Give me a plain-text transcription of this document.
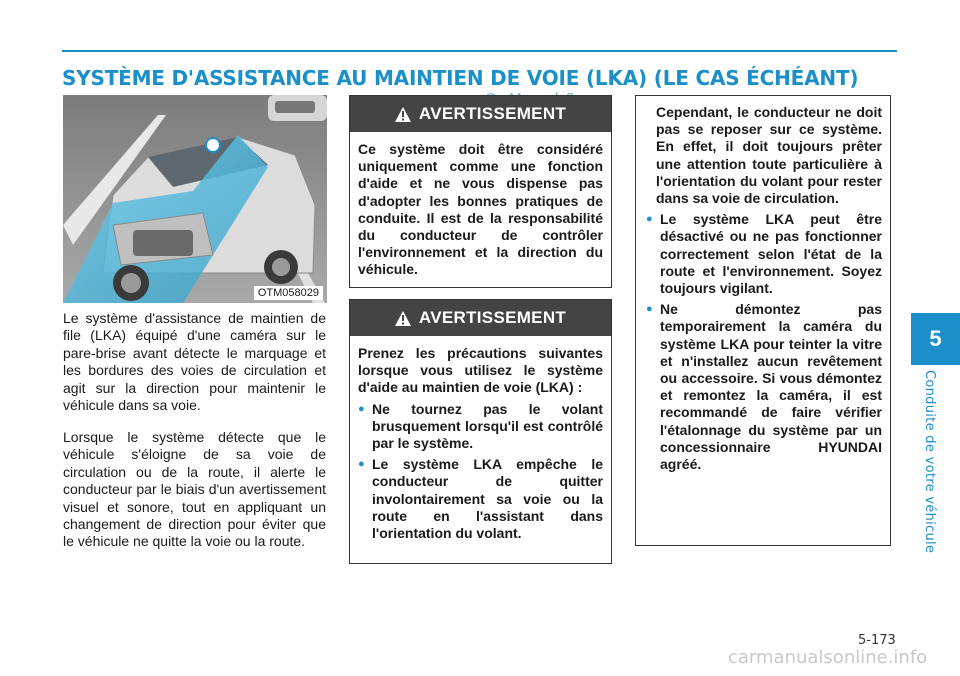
SYSTÈME D'ASSISTANCE AU MAINTIEN DE VOIE (LKA) (LE CAS ÉCHÉANT)
OTM058029

Le système d'assistance de maintien de file (LKA) équipé d'une caméra sur le pare-brise avant détecte le marquage et les bordures des voies de circulation et agit sur la direction pour maintenir le véhicule dans sa voie.

Lorsque le système détecte que le véhicule s'éloigne de sa voie de circulation ou de la route, il alerte le conducteur par le biais d'un avertissement visuel et sonore, tout en appliquant un changement de direction pour éviter que le véhicule ne quitte la voie ou la route.

AVERTISSEMENT

Ce système doit être considéré uniquement comme une fonction d'aide et ne vous dispense pas d'adopter les bonnes pratiques de conduite. Il est de la responsabilité du conducteur de contrôler l'environnement et la direction du véhicule.

AVERTISSEMENT

Prenez les précautions suivantes lorsque vous utilisez le système d'aide au maintien de voie (LKA) :

● Ne tournez pas le volant brusquement lorsqu'il est contrôlé par le système.
● Le système LKA empêche le conducteur de quitter involontairement sa voie ou la route en l'assistant dans l'orientation du volant.

Cependant, le conducteur ne doit pas se reposer sur ce système. En effet, il doit toujours prêter une attention toute particulière à l'orientation du volant pour rester dans sa voie de circulation.

● Le système LKA peut être désactivé ou ne pas fonctionner correctement selon l'état de la route et l'environnement. Soyez toujours vigilant.
● Ne démontez pas temporairement la caméra du système LKA pour teinter la vitre et n'installez aucun revêtement ou accessoire. Si vous démontez et remontez la caméra, il est recommandé de faire vérifier l'étalonnage du système par un concessionnaire HYUNDAI agréé.
5
Conduite de votre véhicule
5-173
carmanualsonline.info
